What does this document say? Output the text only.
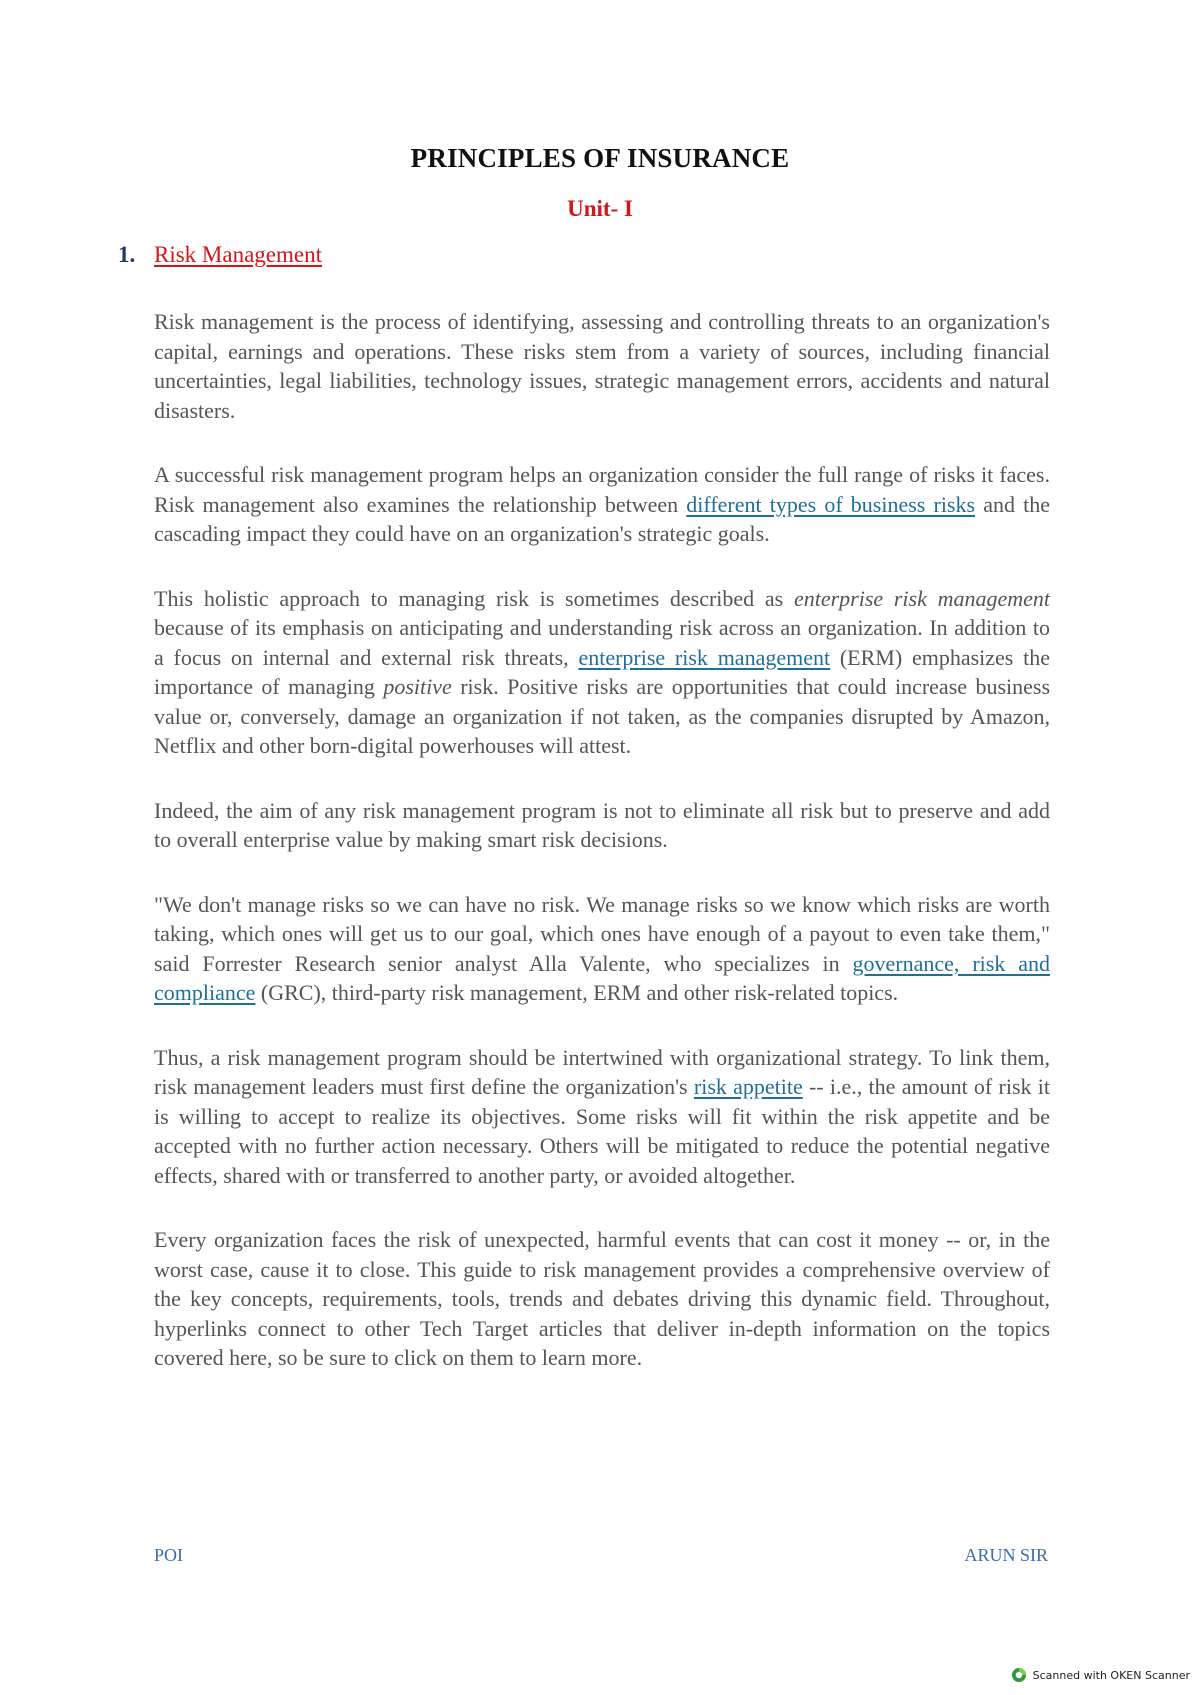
PRINCIPLES OF INSURANCE
Unit- I
1. Risk Management

Risk management is the process of identifying, assessing and controlling threats to an organization's capital, earnings and operations. These risks stem from a variety of sources, including financial uncertainties, legal liabilities, technology issues, strategic management errors, accidents and natural disasters.

A successful risk management program helps an organization consider the full range of risks it faces. Risk management also examines the relationship between different types of business risks and the cascading impact they could have on an organization's strategic goals.

This holistic approach to managing risk is sometimes described as enterprise risk management because of its emphasis on anticipating and understanding risk across an organization. In addition to a focus on internal and external risk threats, enterprise risk management (ERM) emphasizes the importance of managing positive risk. Positive risks are opportunities that could increase business value or, conversely, damage an organization if not taken, as the companies disrupted by Amazon, Netflix and other born-digital powerhouses will attest.

Indeed, the aim of any risk management program is not to eliminate all risk but to preserve and add to overall enterprise value by making smart risk decisions.

"We don't manage risks so we can have no risk. We manage risks so we know which risks are worth taking, which ones will get us to our goal, which ones have enough of a payout to even take them," said Forrester Research senior analyst Alla Valente, who specializes in governance, risk and compliance (GRC), third-party risk management, ERM and other risk-related topics.

Thus, a risk management program should be intertwined with organizational strategy. To link them, risk management leaders must first define the organization's risk appetite -- i.e., the amount of risk it is willing to accept to realize its objectives. Some risks will fit within the risk appetite and be accepted with no further action necessary. Others will be mitigated to reduce the potential negative effects, shared with or transferred to another party, or avoided altogether.

Every organization faces the risk of unexpected, harmful events that can cost it money -- or, in the worst case, cause it to close. This guide to risk management provides a comprehensive overview of the key concepts, requirements, tools, trends and debates driving this dynamic field. Throughout, hyperlinks connect to other Tech Target articles that deliver in-depth information on the topics covered here, so be sure to click on them to learn more.

POI	ARUN SIR
Scanned with OKEN Scanner
